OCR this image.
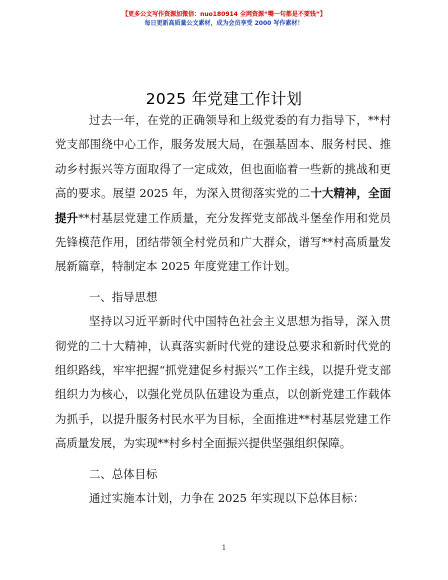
【更多公文写作资源加微信：nuo180914 全网资源“嘴一句都是不要钱”】
每日更新高质量公文素材，成为会员享受 2000 写作素材！
2025 年党建工作计划

过去一年，在党的正确领导和上级党委的有力指导下，**村党支部围绕中心工作，服务发展大局，在强基固本、服务村民、推动乡村振兴等方面取得了一定成效，但也面临着一些新的挑战和更高的要求。展望 2025 年，为深入贯彻落实党的二十大精神，全面提升**村基层党建工作质量，充分发挥党支部战斗堡垒作用和党员先锋模范作用，团结带领全村党员和广大群众，谱写**村高质量发展新篇章，特制定本 2025 年度党建工作计划。

一、指导思想

坚持以习近平新时代中国特色社会主义思想为指导，深入贯彻党的二十大精神，认真落实新时代党的建设总要求和新时代党的组织路线，牢牢把握“抓党建促乡村振兴”工作主线，以提升党支部组织力为核心，以强化党员队伍建设为重点，以创新党建工作载体为抓手，以提升服务村民水平为目标，全面推进**村基层党建工作高质量发展，为实现**村乡村全面振兴提供坚强组织保障。

二、总体目标

通过实施本计划，力争在 2025 年实现以下总体目标：

1
